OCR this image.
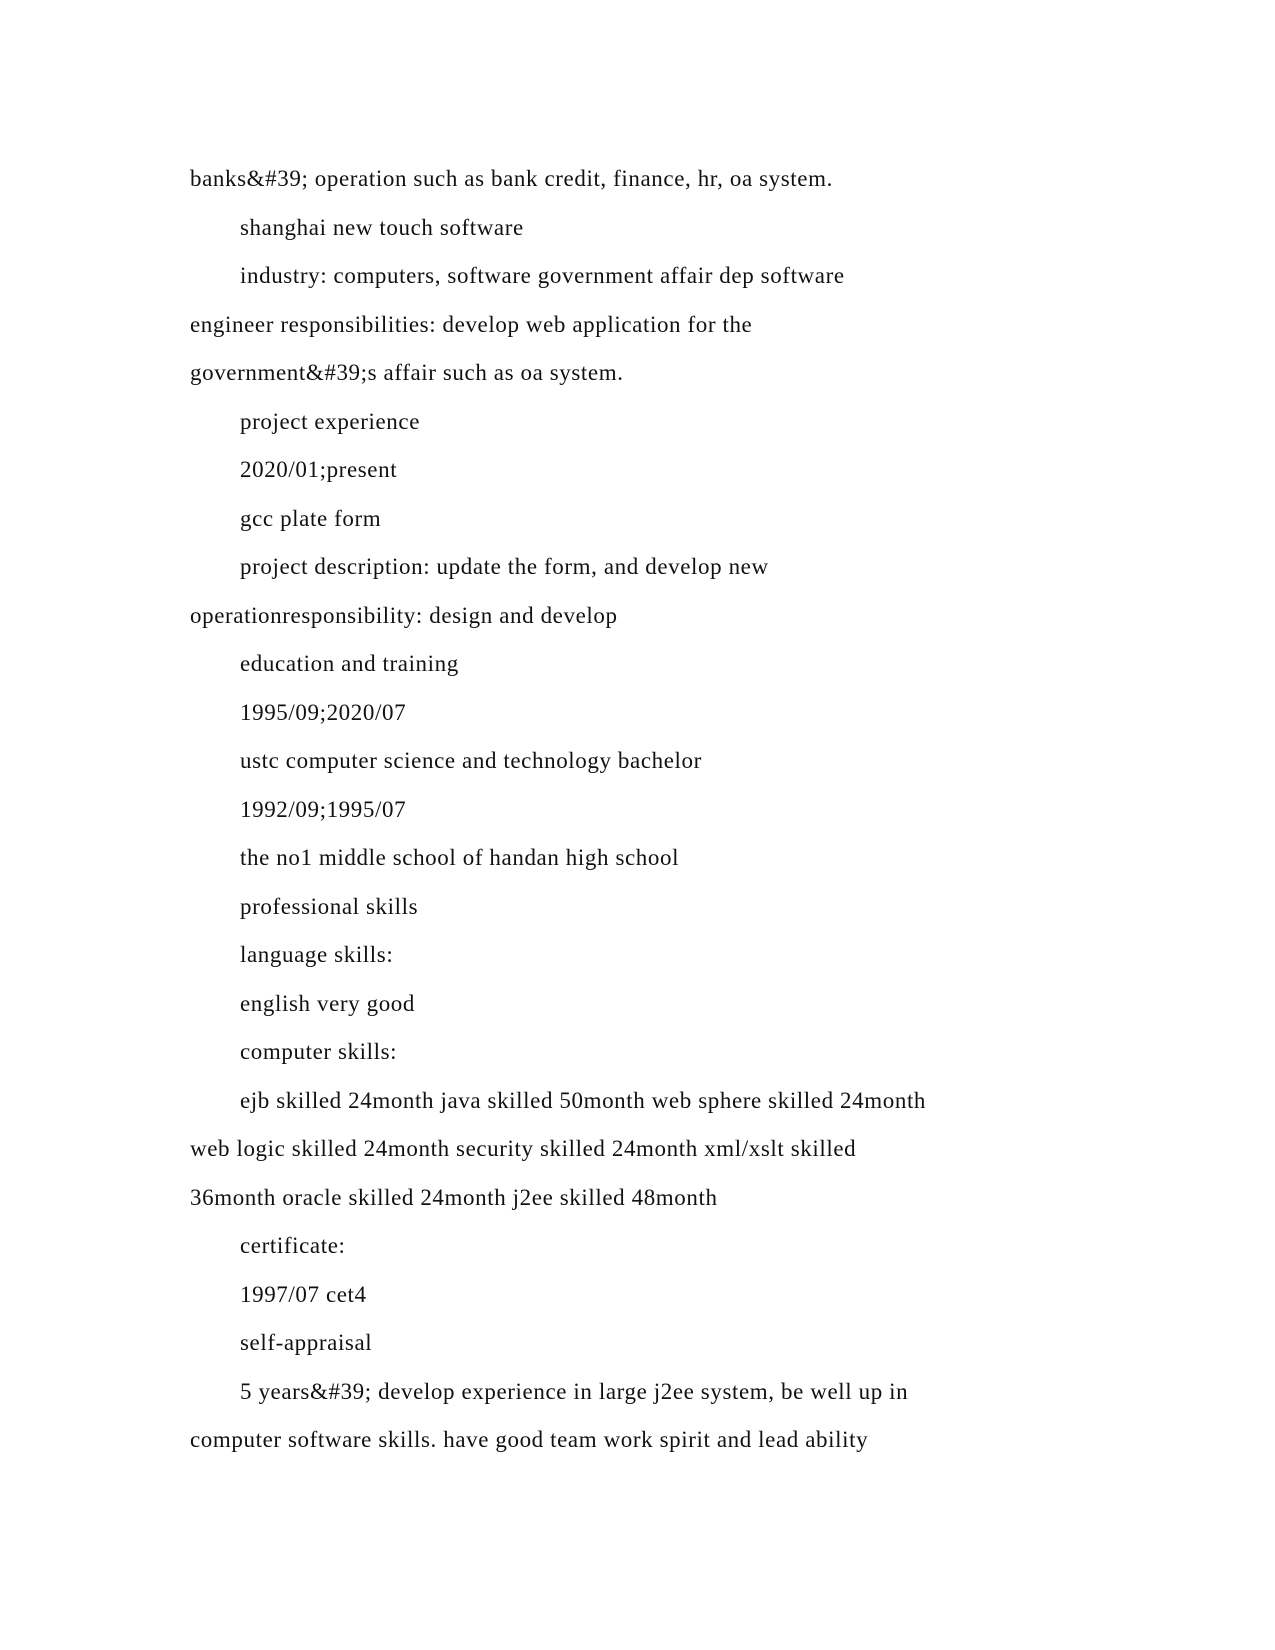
banks&#39; operation such as bank credit, finance, hr, oa system.
shanghai new touch software
industry: computers, software government affair dep software
engineer responsibilities: develop web application for the
government&#39;s affair such as oa system.
project experience
2020/01;present
gcc plate form
project description: update the form, and develop new
operationresponsibility: design and develop
education and training
1995/09;2020/07
ustc computer science and technology bachelor
1992/09;1995/07
the no1 middle school of handan high school
professional skills
language skills:
english very good
computer skills:
ejb skilled 24month java skilled 50month web sphere skilled 24month
web logic skilled 24month security skilled 24month xml/xslt skilled
36month oracle skilled 24month j2ee skilled 48month
certificate:
1997/07 cet4
self-appraisal
5 years&#39; develop experience in large j2ee system, be well up in
computer software skills. have good team work spirit and lead ability
